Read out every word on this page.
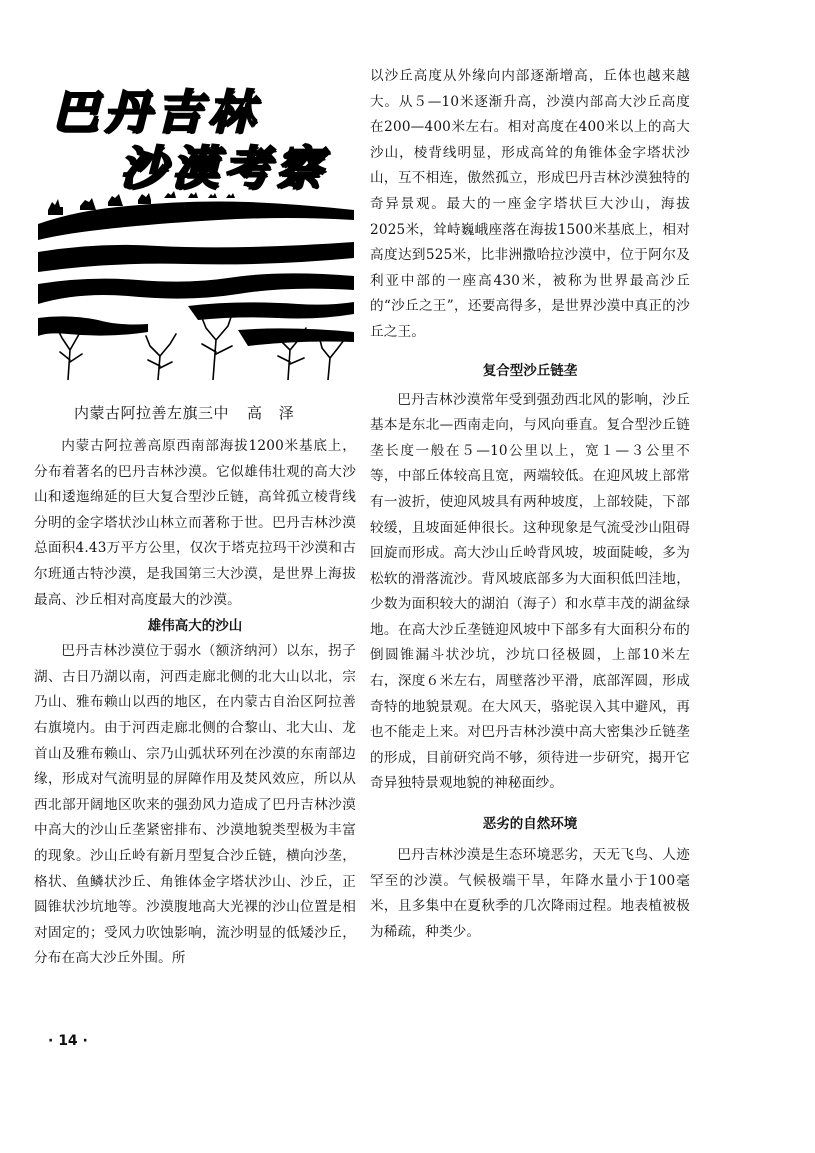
巴丹吉林
沙漠考察
内蒙古阿拉善左旗三中 高 泽

内蒙古阿拉善高原西南部海拔1200米基底上，分布着著名的巴丹吉林沙漠。它似雄伟壮观的高大沙山和逶迤绵延的巨大复合型沙丘链，高耸孤立棱背线分明的金字塔状沙山林立而著称于世。巴丹吉林沙漠总面积4.43万平方公里，仅次于塔克拉玛干沙漠和古尔班通古特沙漠，是我国第三大沙漠，是世界上海拔最高、沙丘相对高度最大的沙漠。

雄伟高大的沙山

巴丹吉林沙漠位于弱水（额济纳河）以东，拐子湖、古日乃湖以南，河西走廊北侧的北大山以北，宗乃山、雅布赖山以西的地区，在内蒙古自治区阿拉善右旗境内。由于河西走廊北侧的合黎山、北大山、龙首山及雅布赖山、宗乃山弧状环列在沙漠的东南部边缘，形成对气流明显的屏障作用及焚风效应，所以从西北部开阔地区吹来的强劲风力造成了巴丹吉林沙漠中高大的沙山丘垄紧密排布、沙漠地貌类型极为丰富的现象。沙山丘岭有新月型复合沙丘链，横向沙垄，格状、鱼鳞状沙丘、角锥体金字塔状沙山、沙丘，正圆锥状沙坑地等。沙漠腹地高大光裸的沙山位置是相对固定的；受风力吹蚀影响，流沙明显的低矮沙丘，分布在高大沙丘外围。所

以沙丘高度从外缘向内部逐渐增高，丘体也越来越大。从５—10米逐渐升高，沙漠内部高大沙丘高度在200—400米左右。相对高度在400米以上的高大沙山，棱背线明显，形成高耸的角锥体金字塔状沙山，互不相连，傲然孤立，形成巴丹吉林沙漠独特的奇异景观。最大的一座金字塔状巨大沙山，海拔2025米，耸峙巍峨座落在海拔1500米基底上，相对高度达到525米，比非洲撒哈拉沙漠中，位于阿尔及利亚中部的一座高430米，被称为世界最高沙丘的“沙丘之王”，还要高得多，是世界沙漠中真正的沙丘之王。

复合型沙丘链垄

巴丹吉林沙漠常年受到强劲西北风的影响，沙丘基本是东北—西南走向，与风向垂直。复合型沙丘链垄长度一般在５—10公里以上，宽１—３公里不等，中部丘体较高且宽，两端较低。在迎风坡上部常有一波折，使迎风坡具有两种坡度，上部较陡，下部较缓，且坡面延伸很长。这种现象是气流受沙山阻碍回旋而形成。高大沙山丘岭背风坡，坡面陡峻，多为松软的滑落流沙。背风坡底部多为大面积低凹洼地，少数为面积较大的湖泊（海子）和水草丰茂的湖盆绿地。在高大沙丘垄链迎风坡中下部多有大面积分布的倒圆锥漏斗状沙坑，沙坑口径极圆，上部10米左右，深度６米左右，周壁落沙平滑，底部浑圆，形成奇特的地貌景观。在大风天，骆驼误入其中避风，再也不能走上来。对巴丹吉林沙漠中高大密集沙丘链垄的形成，目前研究尚不够，须待进一步研究，揭开它奇异独特景观地貌的神秘面纱。

恶劣的自然环境

巴丹吉林沙漠是生态环境恶劣，天无飞鸟、人迹罕至的沙漠。气候极端干旱，年降水量小于100毫米，且多集中在夏秋季的几次降雨过程。地表植被极为稀疏，种类少。

· 14 ·
